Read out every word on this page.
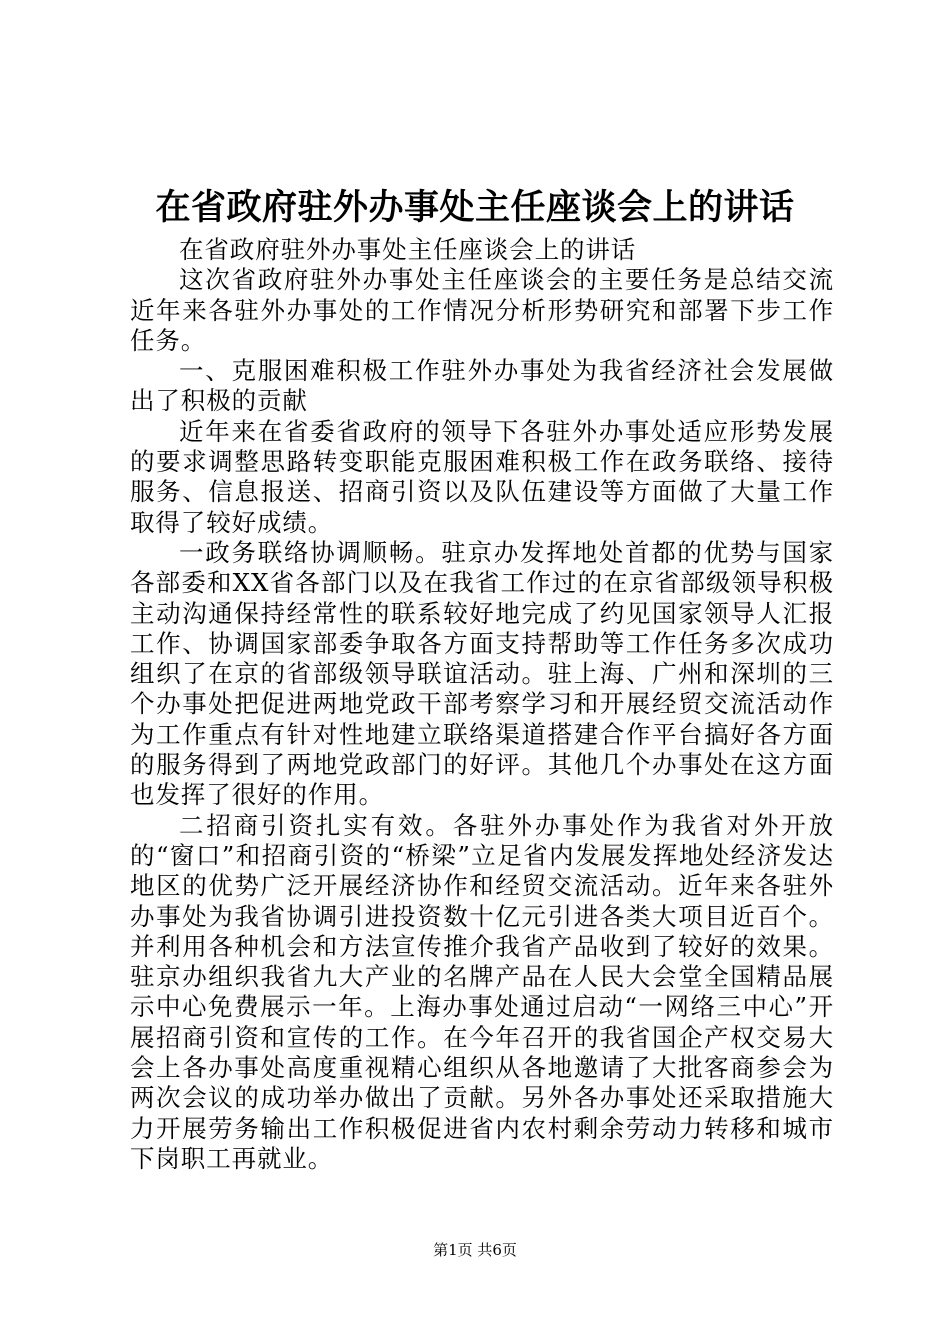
在省政府驻外办事处主任座谈会上的讲话

在省政府驻外办事处主任座谈会上的讲话

这次省政府驻外办事处主任座谈会的主要任务是总结交流近年来各驻外办事处的工作情况分析形势研究和部署下步工作任务。

一、克服困难积极工作驻外办事处为我省经济社会发展做出了积极的贡献

近年来在省委省政府的领导下各驻外办事处适应形势发展的要求调整思路转变职能克服困难积极工作在政务联络、接待服务、信息报送、招商引资以及队伍建设等方面做了大量工作取得了较好成绩。

一政务联络协调顺畅。驻京办发挥地处首都的优势与国家各部委和XX省各部门以及在我省工作过的在京省部级领导积极主动沟通保持经常性的联系较好地完成了约见国家领导人汇报工作、协调国家部委争取各方面支持帮助等工作任务多次成功组织了在京的省部级领导联谊活动。驻上海、广州和深圳的三个办事处把促进两地党政干部考察学习和开展经贸交流活动作为工作重点有针对性地建立联络渠道搭建合作平台搞好各方面的服务得到了两地党政部门的好评。其他几个办事处在这方面也发挥了很好的作用。

二招商引资扎实有效。各驻外办事处作为我省对外开放的“窗口”和招商引资的“桥梁”立足省内发展发挥地处经济发达地区的优势广泛开展经济协作和经贸交流活动。近年来各驻外办事处为我省协调引进投资数十亿元引进各类大项目近百个。并利用各种机会和方法宣传推介我省产品收到了较好的效果。驻京办组织我省九大产业的名牌产品在人民大会堂全国精品展示中心免费展示一年。上海办事处通过启动“一网络三中心”开展招商引资和宣传的工作。在今年召开的我省国企产权交易大会上各办事处高度重视精心组织从各地邀请了大批客商参会为两次会议的成功举办做出了贡献。另外各办事处还采取措施大力开展劳务输出工作积极促进省内农村剩余劳动力转移和城市下岗职工再就业。

第1页 共6页
